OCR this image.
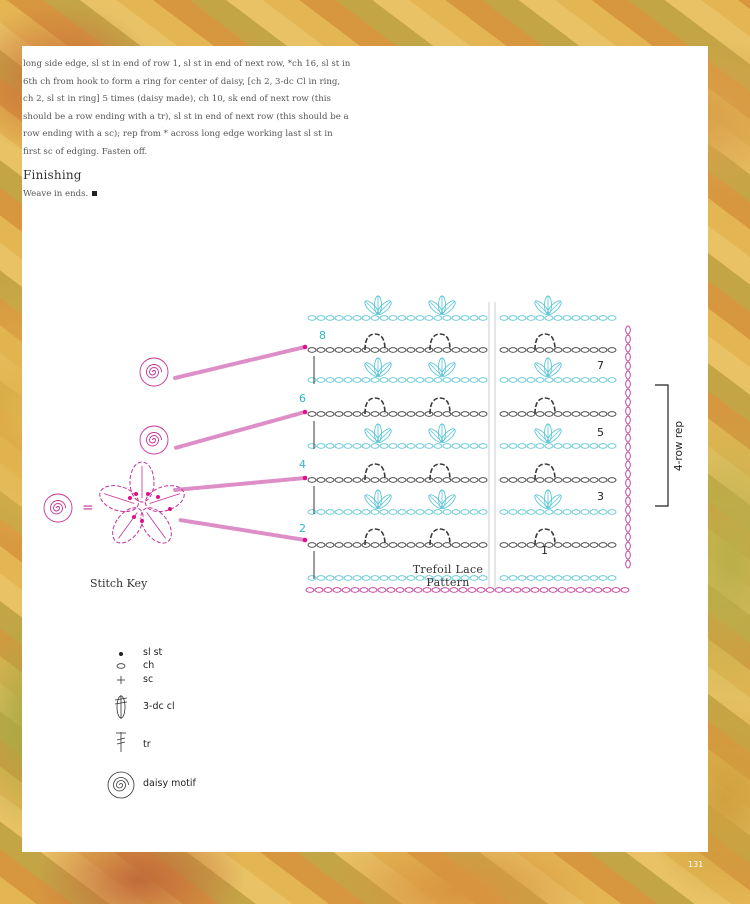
long side edge, sl st in end of row 1, sl st in end of next row, *ch 16, sl st in 6th ch from hook to form a ring for center of daisy, [ch 2, 3-dc Cl in ring, ch 2, sl st in ring] 5 times (daisy made), ch 10, sk end of next row (this should be a row ending with a tr), sl st in end of next row (this should be a row ending with a sc); rep from * across long edge working last sl st in first sc of edging. Fasten off.
Finishing
Weave in ends.
8
6
4
2
7
5
3
1
4-row rep
=
Trefoil Lace Pattern
Stitch Key
sl st
ch
sc
3-dc cl
tr
daisy motif
131
